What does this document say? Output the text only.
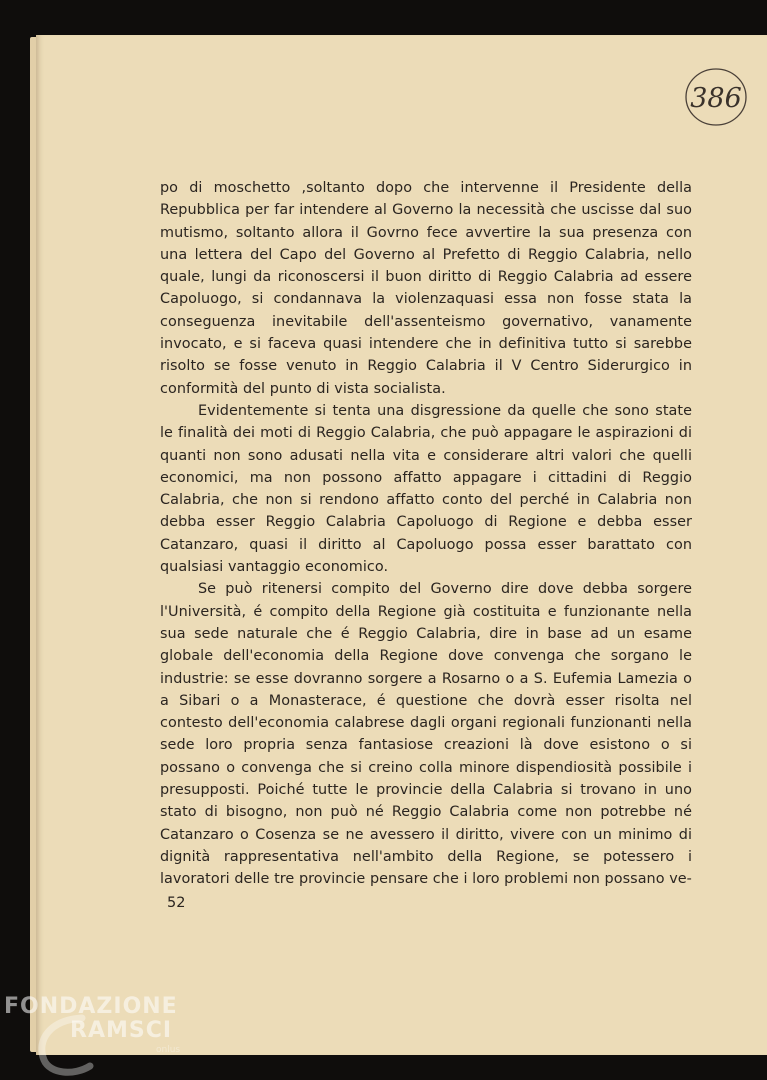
386

po di moschetto ,soltanto dopo che intervenne il Presidente della Repubblica per far intendere al Governo la necessità che uscisse dal suo mutismo, soltanto allora il Govrno fece avvertire la sua presenza con una lettera del Capo del Governo al Prefetto di Reggio Calabria, nello quale, lungi da riconoscersi il buon diritto di Reggio Calabria ad essere Capoluogo, si condannava la violenzaquasi essa non fosse stata la conseguenza inevitabile dell'assenteismo governativo, vanamente invocato, e si faceva quasi intendere che in definitiva tutto si sarebbe risolto se fosse venuto in Reggio Calabria il V Centro Siderurgico in conformità del punto di vista socialista.

Evidentemente si tenta una disgressione da quelle che sono state le finalità dei moti di Reggio Calabria, che può appagare le aspirazioni di quanti non sono adusati nella vita e considerare altri valori che quelli economici, ma non possono affatto appagare i cittadini di Reggio Calabria, che non si rendono affatto conto del perché in Calabria non debba esser Reggio Calabria Capoluogo di Regione e debba esser Catanzaro, quasi il diritto al Capoluogo possa esser barattato con qualsiasi vantaggio economico.

Se può ritenersi compito del Governo dire dove debba sorgere l'Università, é compito della Regione già costituita e funzionante nella sua sede naturale che é Reggio Calabria, dire in base ad un esame globale dell'economia della Regione dove convenga che sorgano le industrie: se esse dovranno sorgere a Rosarno o a S. Eufemia Lamezia o a Sibari o a Monasterace, é questione che dovrà esser risolta nel contesto dell'economia calabrese dagli organi regionali funzionanti nella sede loro propria senza fantasiose creazioni là dove esistono o si possano o convenga che si creino colla minore dispendiosità possibile i presupposti. Poiché tutte le provincie della Calabria si trovano in uno stato di bisogno, non può né Reggio Calabria come non potrebbe né Catanzaro o Cosenza se ne avessero il diritto, vivere con un minimo di dignità rappresentativa nell'ambito della Regione, se potessero i lavoratori delle tre provincie pensare che i loro problemi non possano ve-

52
FONDAZIONE
RAMSCI
onlus
